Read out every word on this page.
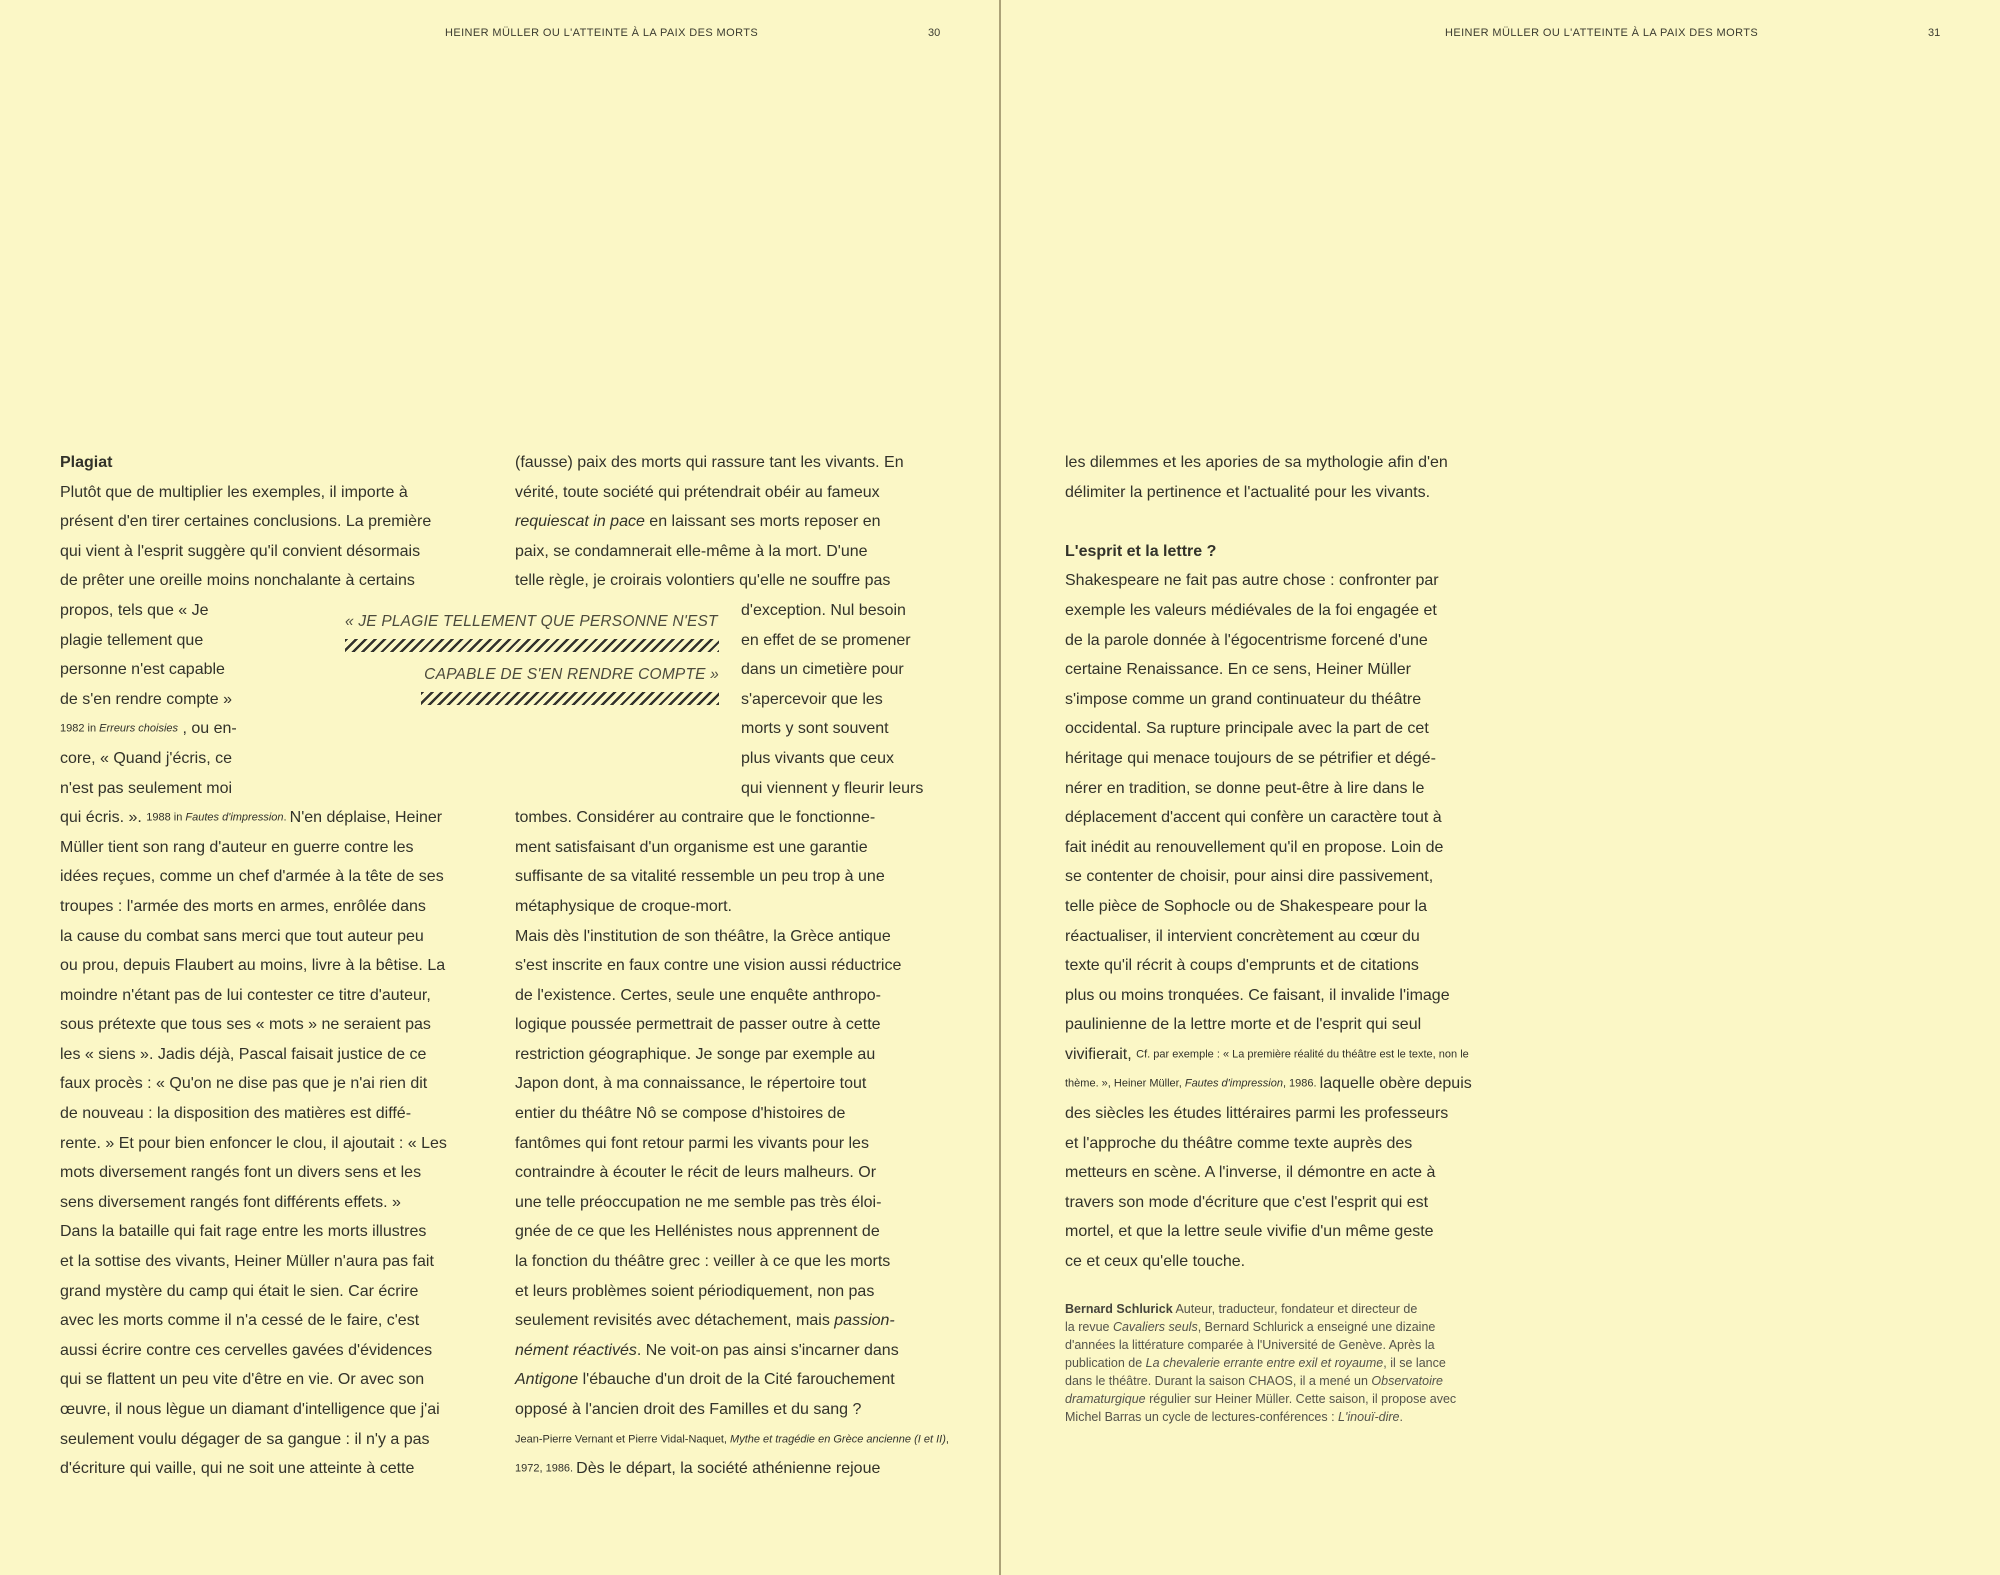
HEINER MÜLLER OU L'ATTEINTE À LA PAIX DES MORTS	30	HEINER MÜLLER OU L'ATTEINTE À LA PAIX DES MORTS	31
Plagiat
Plutôt que de multiplier les exemples, il importe à
présent d'en tirer certaines conclusions. La première
qui vient à l'esprit suggère qu'il convient désormais
de prêter une oreille moins nonchalante à certains
propos, tels que « Je
plagie tellement que
personne n'est capable
de s'en rendre compte »
1982 in Erreurs choisies , ou en-
core, « Quand j'écris, ce
n'est pas seulement moi
qui écris. ». 1988 in Fautes d'impression. N'en déplaise, Heiner
Müller tient son rang d'auteur en guerre contre les
idées reçues, comme un chef d'armée à la tête de ses
troupes : l'armée des morts en armes, enrôlée dans
la cause du combat sans merci que tout auteur peu
ou prou, depuis Flaubert au moins, livre à la bêtise. La
moindre n'étant pas de lui contester ce titre d'auteur,
sous prétexte que tous ses « mots » ne seraient pas
les « siens ». Jadis déjà, Pascal faisait justice de ce
faux procès : « Qu'on ne dise pas que je n'ai rien dit
de nouveau : la disposition des matières est diffé-
rente. » Et pour bien enfoncer le clou, il ajoutait : « Les
mots diversement rangés font un divers sens et les
sens diversement rangés font différents effets. »
Dans la bataille qui fait rage entre les morts illustres
et la sottise des vivants, Heiner Müller n'aura pas fait
grand mystère du camp qui était le sien. Car écrire
avec les morts comme il n'a cessé de le faire, c'est
aussi écrire contre ces cervelles gavées d'évidences
qui se flattent un peu vite d'être en vie. Or avec son
œuvre, il nous lègue un diamant d'intelligence que j'ai
seulement voulu dégager de sa gangue : il n'y a pas
d'écriture qui vaille, qui ne soit une atteinte à cette
(fausse) paix des morts qui rassure tant les vivants. En
vérité, toute société qui prétendrait obéir au fameux
requiescat in pace en laissant ses morts reposer en
paix, se condamnerait elle-même à la mort. D'une
telle règle, je croirais volontiers qu'elle ne souffre pas
d'exception. Nul besoin
en effet de se promener
dans un cimetière pour
s'apercevoir que les
morts y sont souvent
plus vivants que ceux
qui viennent y fleurir leurs
tombes. Considérer au contraire que le fonctionne-
ment satisfaisant d'un organisme est une garantie
suffisante de sa vitalité ressemble un peu trop à une
métaphysique de croque-mort.
Mais dès l'institution de son théâtre, la Grèce antique
s'est inscrite en faux contre une vision aussi réductrice
de l'existence. Certes, seule une enquête anthropo-
logique poussée permettrait de passer outre à cette
restriction géographique. Je songe par exemple au
Japon dont, à ma connaissance, le répertoire tout
entier du théâtre Nô se compose d'histoires de
fantômes qui font retour parmi les vivants pour les
contraindre à écouter le récit de leurs malheurs. Or
une telle préoccupation ne me semble pas très éloi-
gnée de ce que les Hellénistes nous apprennent de
la fonction du théâtre grec : veiller à ce que les morts
et leurs problèmes soient périodiquement, non pas
seulement revisités avec détachement, mais passion-
nément réactivés. Ne voit-on pas ainsi s'incarner dans
Antigone l'ébauche d'un droit de la Cité farouchement
opposé à l'ancien droit des Familles et du sang ?
Jean-Pierre Vernant et Pierre Vidal-Naquet, Mythe et tragédie en Grèce ancienne (I et II),
1972, 1986. Dès le départ, la société athénienne rejoue
« JE PLAGIE TELLEMENT QUE PERSONNE N'EST
CAPABLE DE S'EN RENDRE COMPTE »
les dilemmes et les apories de sa mythologie afin d'en
délimiter la pertinence et l'actualité pour les vivants.

L'esprit et la lettre ?
Shakespeare ne fait pas autre chose : confronter par
exemple les valeurs médiévales de la foi engagée et
de la parole donnée à l'égocentrisme forcené d'une
certaine Renaissance. En ce sens, Heiner Müller
s'impose comme un grand continuateur du théâtre
occidental. Sa rupture principale avec la part de cet
héritage qui menace toujours de se pétrifier et dégé-
nérer en tradition, se donne peut-être à lire dans le
déplacement d'accent qui confère un caractère tout à
fait inédit au renouvellement qu'il en propose. Loin de
se contenter de choisir, pour ainsi dire passivement,
telle pièce de Sophocle ou de Shakespeare pour la
réactualiser, il intervient concrètement au cœur du
texte qu'il récrit à coups d'emprunts et de citations
plus ou moins tronquées. Ce faisant, il invalide l'image
paulinienne de la lettre morte et de l'esprit qui seul
vivifierait, Cf. par exemple : « La première réalité du théâtre est le texte, non le
thème. », Heiner Müller, Fautes d'impression, 1986. laquelle obère depuis
des siècles les études littéraires parmi les professeurs
et l'approche du théâtre comme texte auprès des
metteurs en scène. A l'inverse, il démontre en acte à
travers son mode d'écriture que c'est l'esprit qui est
mortel, et que la lettre seule vivifie d'un même geste
ce et ceux qu'elle touche.
Bernard Schlurick Auteur, traducteur, fondateur et directeur de
la revue Cavaliers seuls, Bernard Schlurick a enseigné une dizaine
d'années la littérature comparée à l'Université de Genève. Après la
publication de La chevalerie errante entre exil et royaume, il se lance
dans le théâtre. Durant la saison CHAOS, il a mené un Observatoire
dramaturgique régulier sur Heiner Müller. Cette saison, il propose avec
Michel Barras un cycle de lectures-conférences : L'inouï-dire.
